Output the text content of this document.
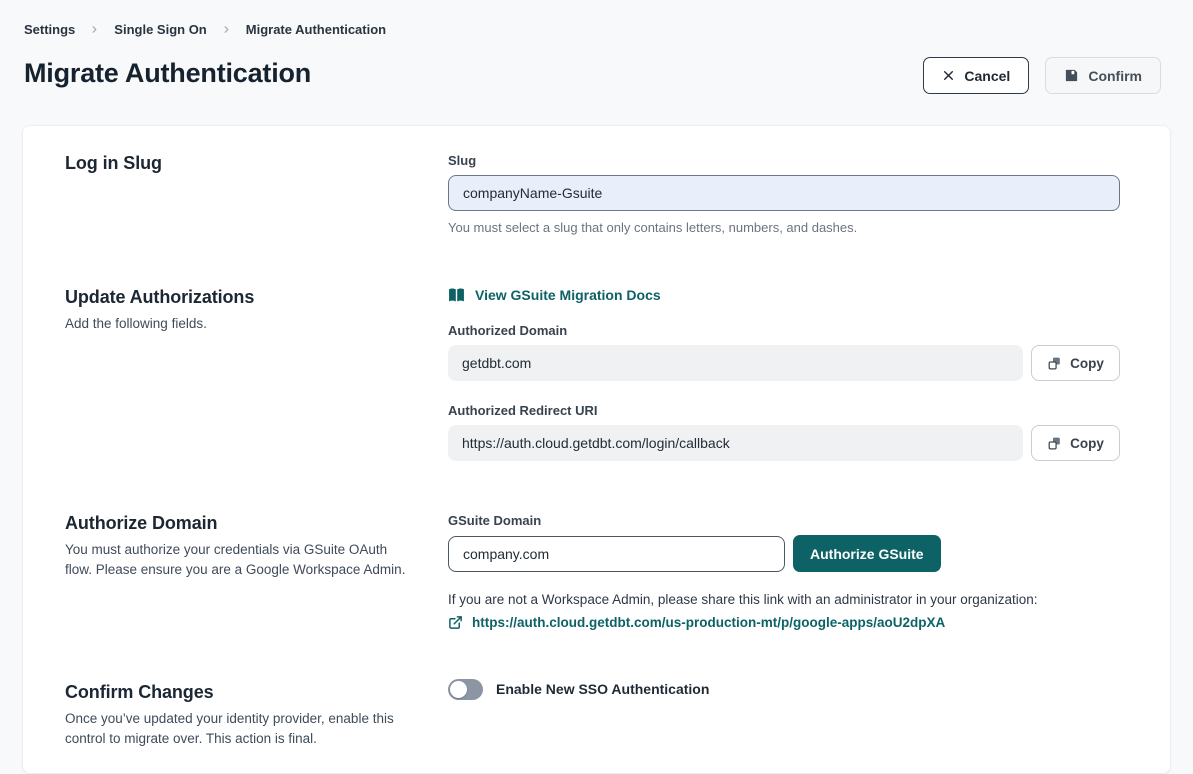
Settings	Single Sign On	Migrate Authentication
Migrate Authentication	Cancel	Confirm
Log in Slug	Slug
companyName-Gsuite
You must select a slug that only contains letters, numbers, and dashes.
Update Authorizations
Add the following fields.
View GSuite Migration Docs
Authorized Domain
getdbt.com	Copy
Authorized Redirect URI
https://auth.cloud.getdbt.com/login/callback	Copy
Authorize Domain
You must authorize your credentials via GSuite OAuth flow. Please ensure you are a Google Workspace Admin.
GSuite Domain
company.com
Authorize GSuite
If you are not a Workspace Admin, please share this link with an administrator in your organization:
https://auth.cloud.getdbt.com/us-production-mt/p/google-apps/aoU2dpXA
Confirm Changes
Once you’ve updated your identity provider, enable this control to migrate over. This action is final.
Enable New SSO Authentication
